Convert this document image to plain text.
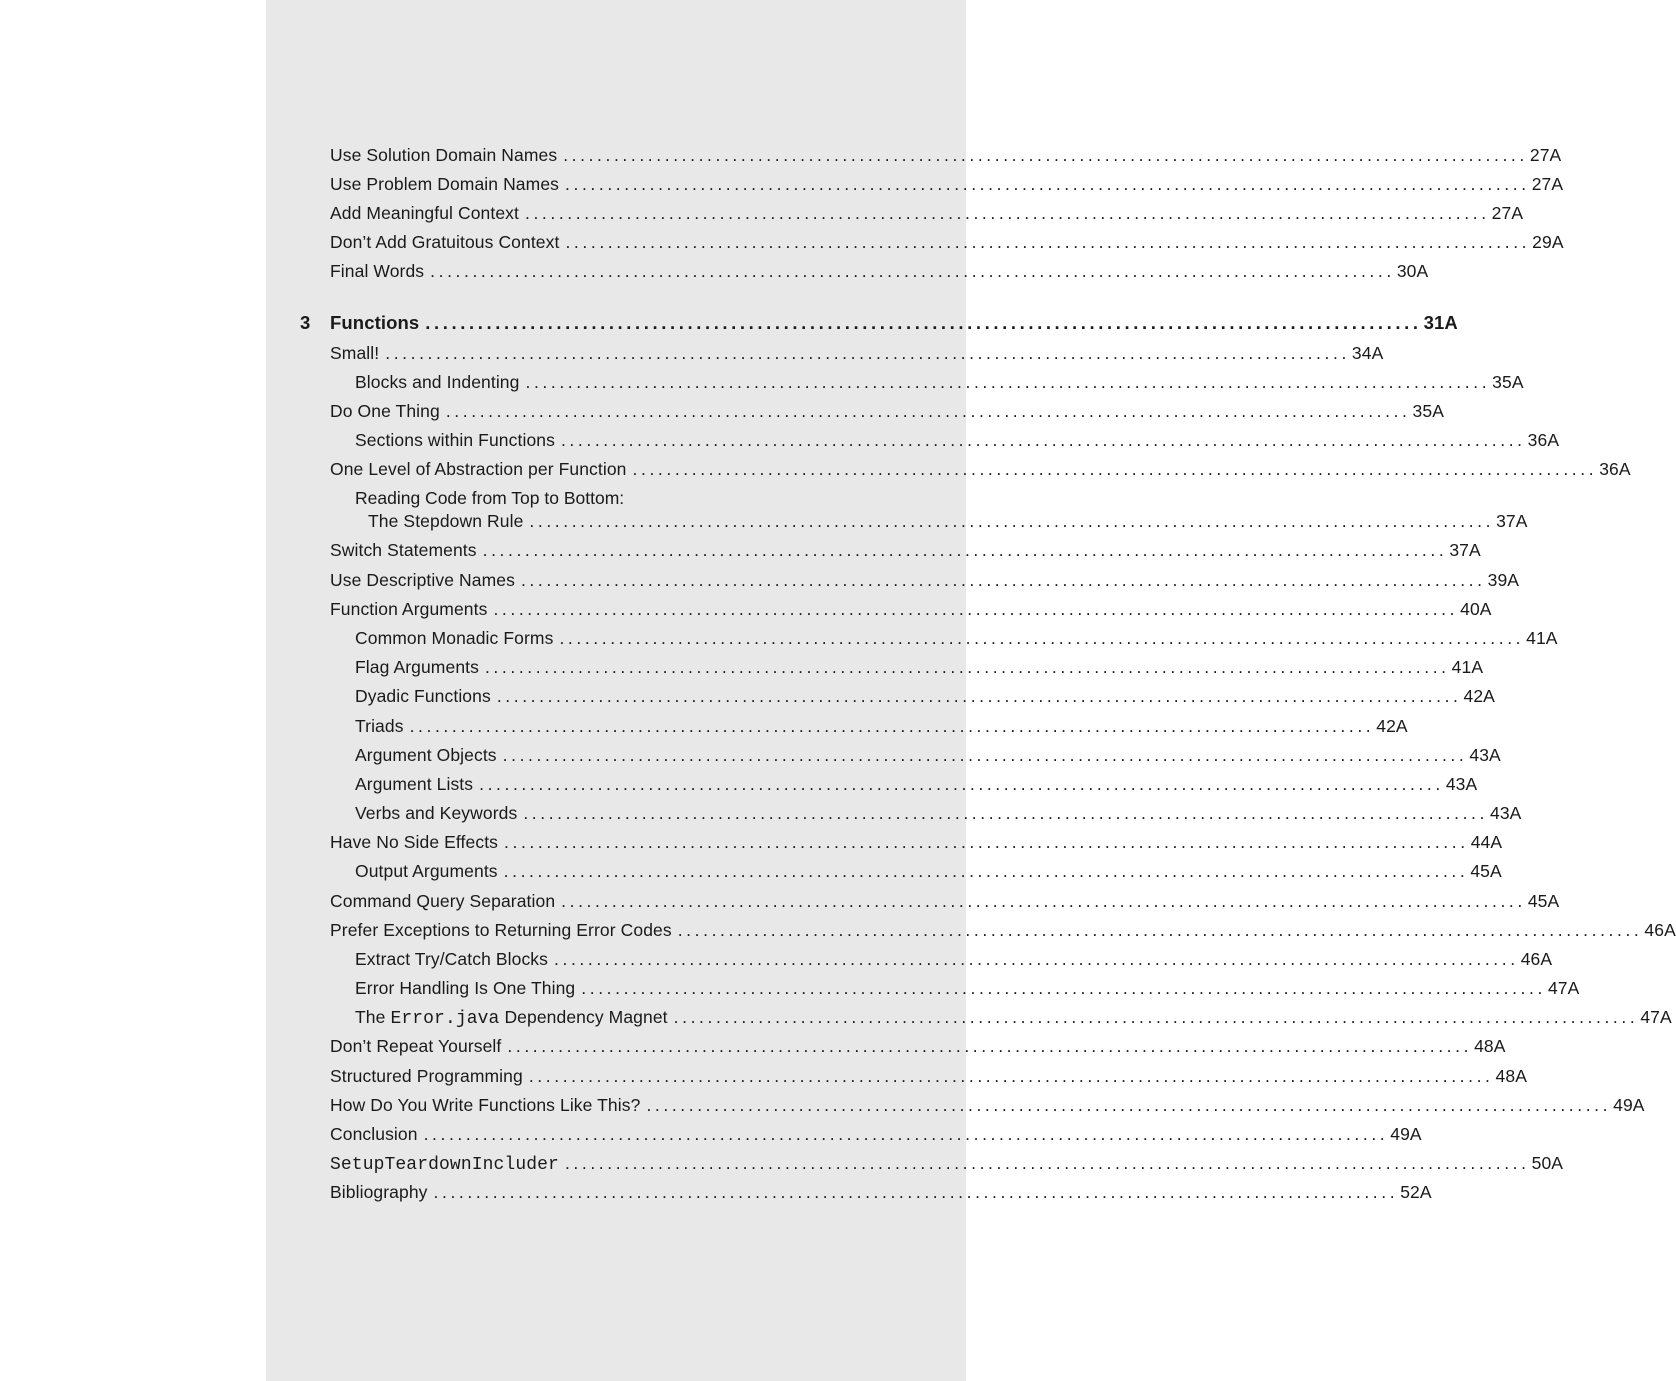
Use Solution Domain Names .................................................................................................................. 27A
Use Problem Domain Names .................................................................................................................. 27A
Add Meaningful Context .................................................................................................................. 27A
Don’t Add Gratuitous Context .................................................................................................................. 29A
Final Words .................................................................................................................. 30A
3 Functions .................................................................................................................. 31A
Small! .................................................................................................................. 34A
Blocks and Indenting .................................................................................................................. 35A
Do One Thing .................................................................................................................. 35A
Sections within Functions .................................................................................................................. 36A
One Level of Abstraction per Function .................................................................................................................. 36A
Reading Code from Top to Bottom:
The Stepdown Rule .................................................................................................................. 37A
Switch Statements .................................................................................................................. 37A
Use Descriptive Names .................................................................................................................. 39A
Function Arguments .................................................................................................................. 40A
Common Monadic Forms .................................................................................................................. 41A
Flag Arguments .................................................................................................................. 41A
Dyadic Functions .................................................................................................................. 42A
Triads .................................................................................................................. 42A
Argument Objects .................................................................................................................. 43A
Argument Lists .................................................................................................................. 43A
Verbs and Keywords .................................................................................................................. 43A
Have No Side Effects .................................................................................................................. 44A
Output Arguments .................................................................................................................. 45A
Command Query Separation .................................................................................................................. 45A
Prefer Exceptions to Returning Error Codes .................................................................................................................. 46A
Extract Try/Catch Blocks .................................................................................................................. 46A
Error Handling Is One Thing .................................................................................................................. 47A
The Error.java Dependency Magnet .................................................................................................................. 47A
Don’t Repeat Yourself .................................................................................................................. 48A
Structured Programming .................................................................................................................. 48A
How Do You Write Functions Like This? .................................................................................................................. 49A
Conclusion .................................................................................................................. 49A
SetupTeardownIncluder .................................................................................................................. 50A
Bibliography .................................................................................................................. 52A
